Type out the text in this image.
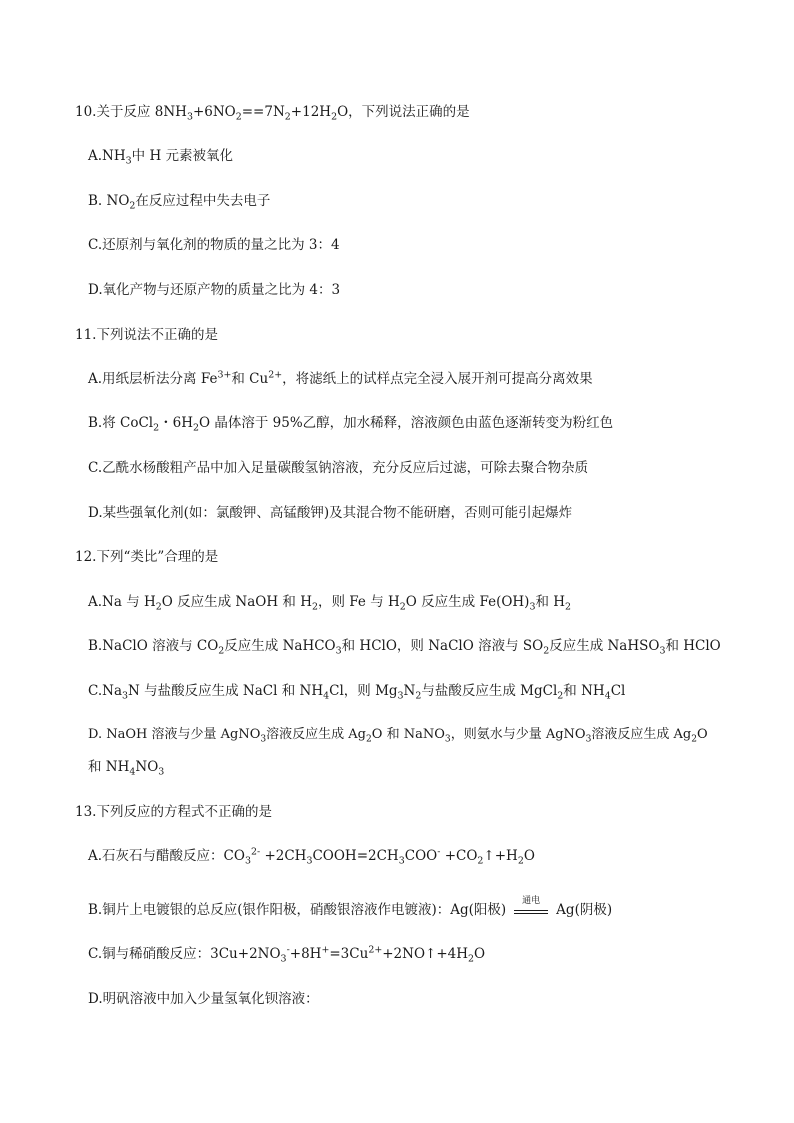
10.关于反应 $8NH_3+6NO_2==7N_2+12H_2O$，下列说法正确的是
$A.NH_3$中 H 元素被氧化
B. $NO_2$在反应过程中失去电子
C.还原剂与氧化剂的物质的量之比为 3：4
D.氧化产物与还原产物的质量之比为 4：3
11.下列说法不正确的是
A.用纸层析法分离 $Fe^{3+}$和 $Cu^{2+}$，将滤纸上的试样点完全浸入展开剂可提高分离效果
B.将 CoCl$_2$・$6H_2O$ 晶体溶于 95%乙醇，加水稀释，溶液颜色由蓝色逐渐转变为粉红色
C.乙酰水杨酸粗产品中加入足量碳酸氢钠溶液，充分反应后过滤，可除去聚合物杂质
D.某些强氧化剂(如：氯酸钾、高锰酸钾)及其混合物不能研磨，否则可能引起爆炸
12.下列“类比”合理的是
A.Na 与 $H_2O$ 反应生成 NaOH 和 $H_2$，则 Fe 与 $H_2O$ 反应生成 $Fe(OH)_3$和 $H_2$
B.NaClO 溶液与 $CO_2$反应生成 NaHCO$_3$和 HClO，则 NaClO 溶液与 $SO_2$反应生成 NaHSO$_3$和 HClO
$C.Na_3N$ 与盐酸反应生成 NaCl 和 $NH_4Cl$，则 $Mg_3N_2$与盐酸反应生成 MgCl$_2$和 $NH_4Cl$
D. NaOH 溶液与少量 AgNO$_3$溶液反应生成 $Ag_2O$ 和 NaNO$_3$，则氨水与少量 AgNO$_3$溶液反应生成 $Ag_2O$
和 $NH_4NO_3$
13.下列反应的方程式不正确的是
A.石灰石与醋酸反应：$CO_3^{2-}$ $+2CH_3COOH=2CH_3COO^-$ $+CO_2↑+H_2O$
B.铜片上电镀银的总反应(银作阳极，硝酸银溶液作电镀液)：Ag(阳极)
通电
Ag(阴极)
C.铜与稀硝酸反应：$3Cu+2NO_3^-+8H^+=3Cu^{2+}+2NO↑+4H_2O$
D.明矾溶液中加入少量氢氧化钡溶液：
